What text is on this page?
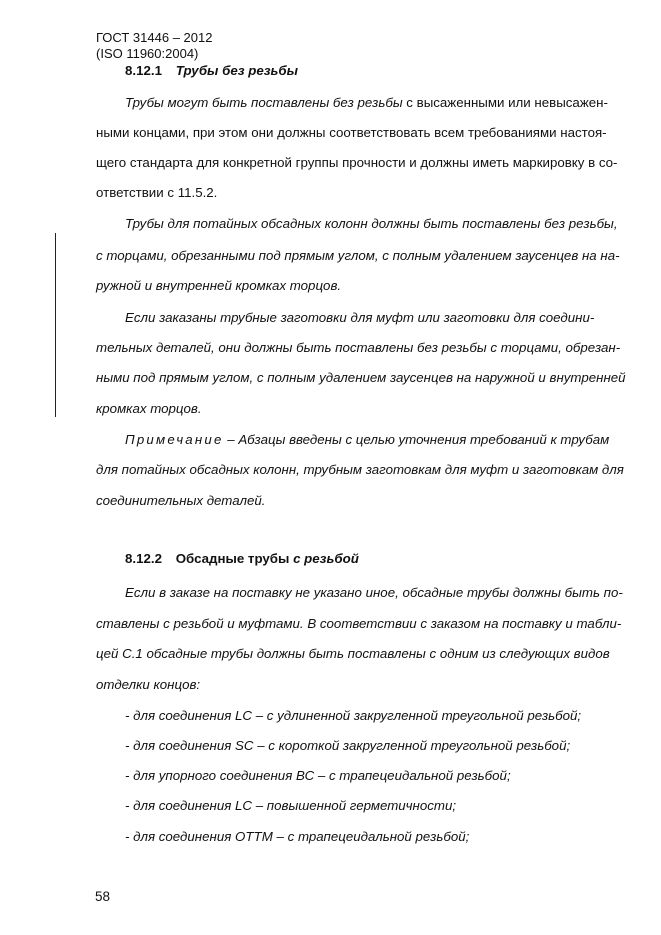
ГОСТ 31446 – 2012
(ISO 11960:2004)
8.12.1 Трубы без резьбы
Трубы могут быть поставлены без резьбы с высаженными или невысажен-
ными концами, при этом они должны соответствовать всем требованиями настоя-
щего стандарта для конкретной группы прочности и должны иметь маркировку в со-
ответствии с 11.5.2.
Трубы для потайных обсадных колонн должны быть поставлены без резьбы,
с торцами, обрезанными под прямым углом, с полным удалением заусенцев на на-
ружной и внутренней кромках торцов.
Если заказаны трубные заготовки для муфт или заготовки для соедини-
тельных деталей, они должны быть поставлены без резьбы с торцами, обрезан-
ными под прямым углом, с полным удалением заусенцев на наружной и внутренней
кромках торцов.
Примечание – Абзацы введены с целью уточнения требований к трубам
для потайных обсадных колонн, трубным заготовкам для муфт и заготовкам для
соединительных деталей.
8.12.2 Обсадные трубы с резьбой
Если в заказе на поставку не указано иное, обсадные трубы должны быть по-
ставлены с резьбой и муфтами. В соответствии с заказом на поставку и табли-
цей С.1 обсадные трубы должны быть поставлены с одним из следующих видов
отделки концов:
- для соединения LC – с удлиненной закругленной треугольной резьбой;
- для соединения SC – с короткой закругленной треугольной резьбой;
- для упорного соединения ВС – с трапецеидальной резьбой;
- для соединения LC – повышенной герметичности;
- для соединения ОТТМ – с трапецеидальной резьбой;
58
